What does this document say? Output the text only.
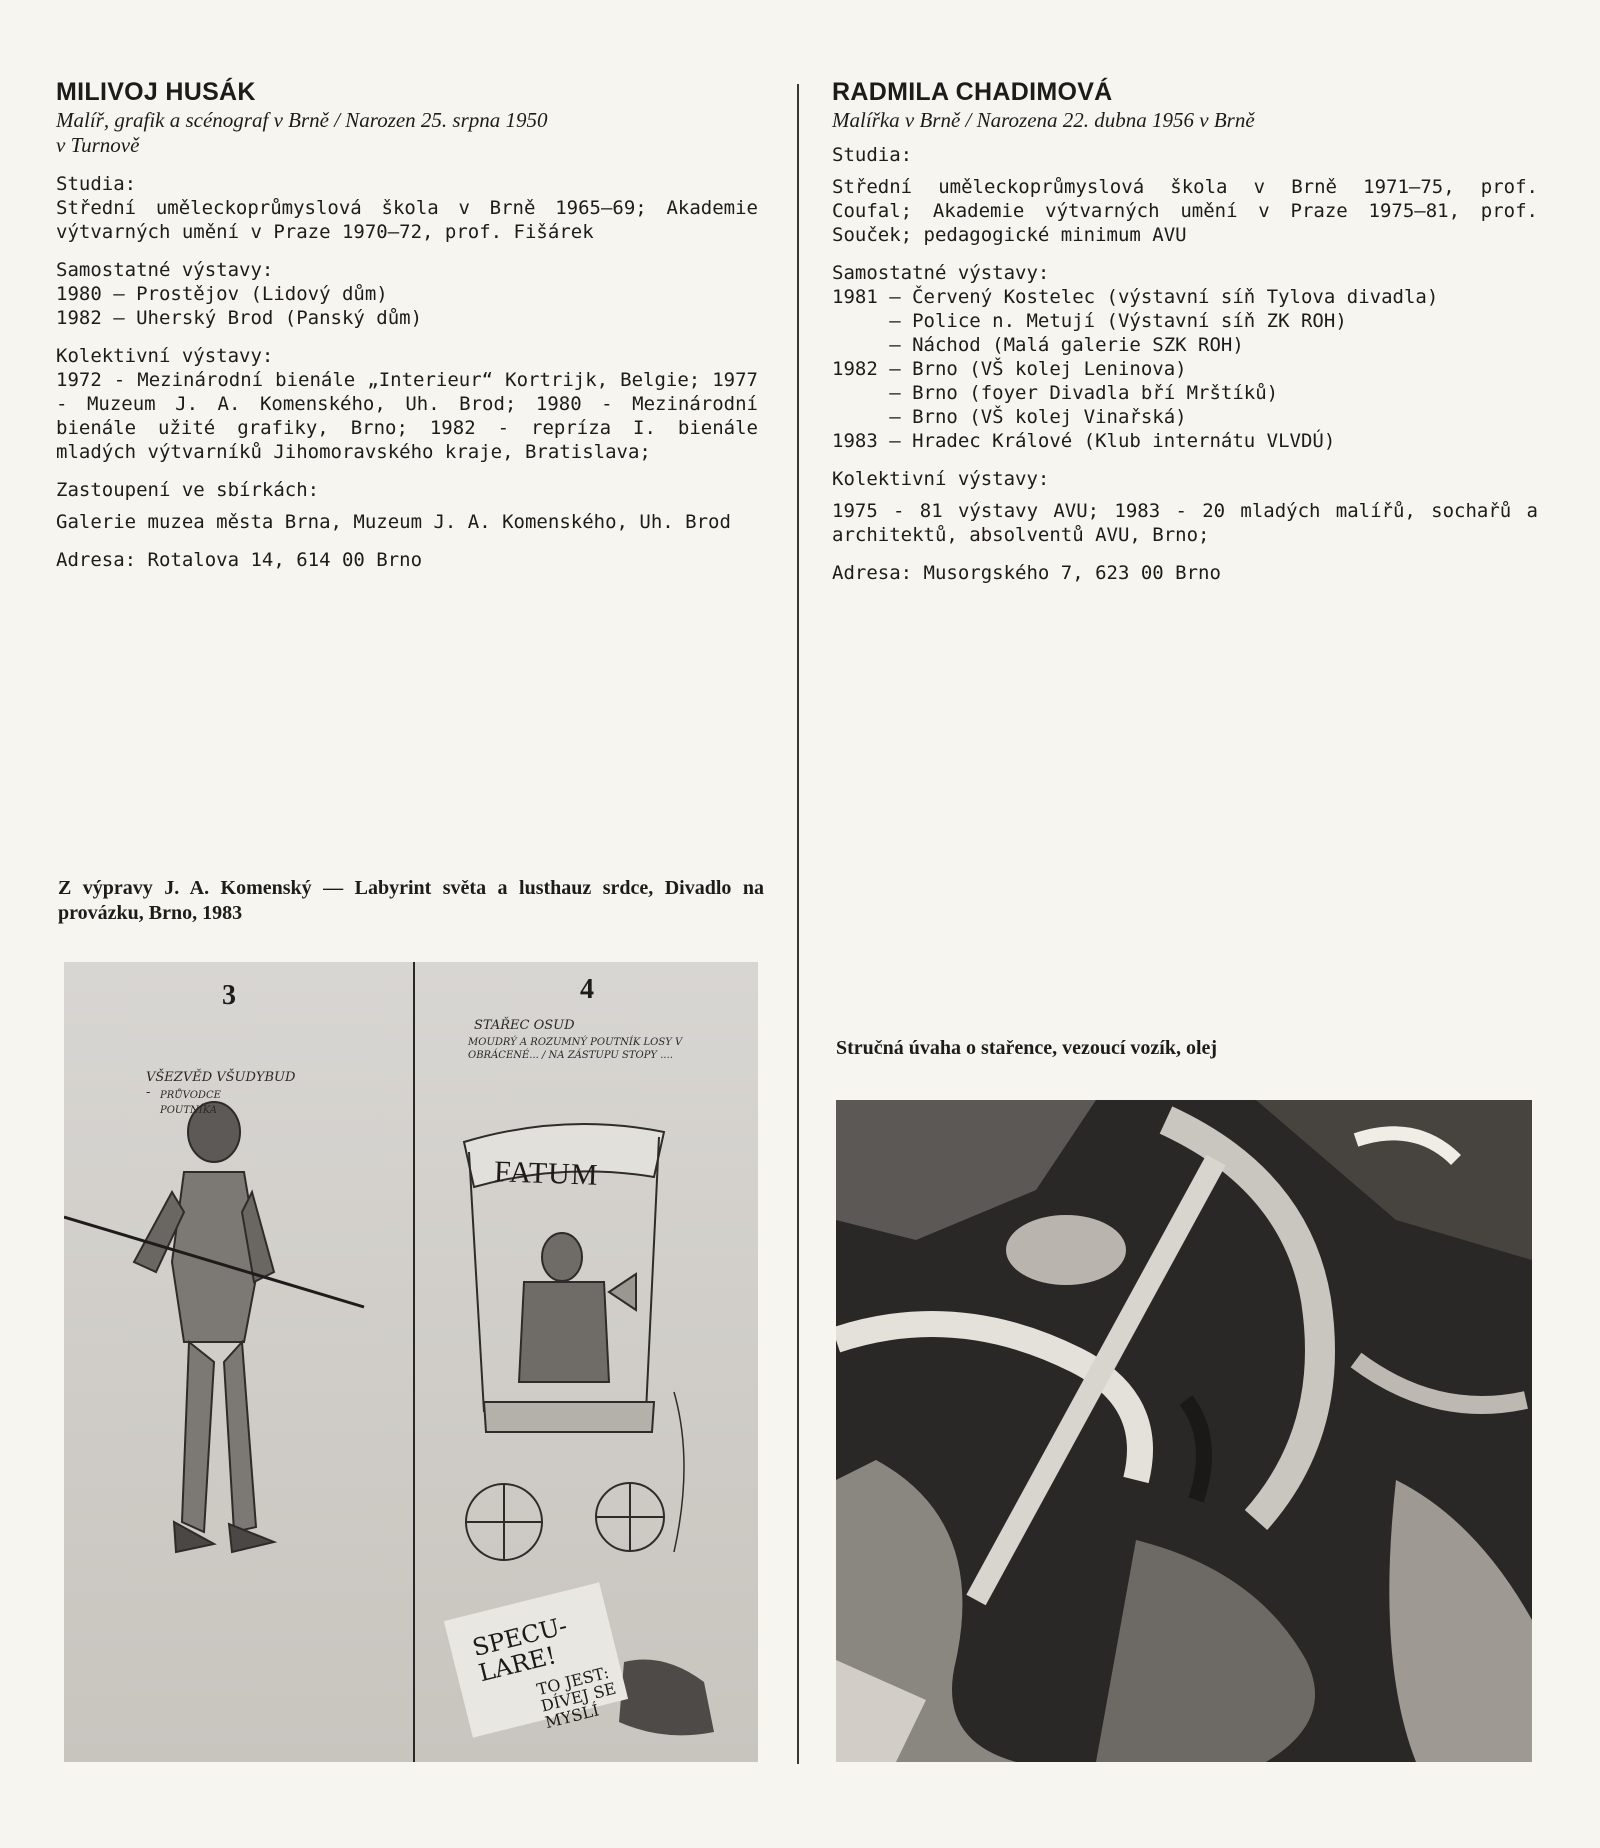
MILIVOJ HUSÁK
Malíř, grafik a scénograf v Brně / Narozen 25. srpna 1950
v Turnově
Studia:
Střední uměleckoprůmyslová škola v Brně 1965—69; Akademie výtvarných umění v Praze 1970—72, prof. Fišárek
Samostatné výstavy:
1980 — Prostějov (Lidový dům)
1982 — Uherský Brod (Panský dům)
Kolektivní výstavy:
1972 - Mezinárodní bienále „Interieur“ Kortrijk, Belgie; 1977 - Muzeum J. A. Komenského, Uh. Brod; 1980 - Mezinárodní bienále užité grafiky, Brno; 1982 - repríza I. bienále mladých výtvarníků Jihomoravského kraje, Bratislava;
Zastoupení ve sbírkách:
Galerie muzea města Brna, Muzeum J. A. Komenského, Uh. Brod
Adresa: Rotalova 14, 614 00 Brno
RADMILA CHADIMOVÁ
Malířka v Brně / Narozena 22. dubna 1956 v Brně
Studia:
Střední uměleckoprůmyslová škola v Brně 1971—75, prof. Coufal; Akademie výtvarných umění v Praze 1975—81, prof. Souček; pedagogické minimum AVU
Samostatné výstavy:
1981 — Červený Kostelec (výstavní síň Tylova divadla)
— Police n. Metují (Výstavní síň ZK ROH)
— Náchod (Malá galerie SZK ROH)
1982 — Brno (VŠ kolej Leninova)
— Brno (foyer Divadla bří Mrštíků)
— Brno (VŠ kolej Vinařská)
1983 — Hradec Králové (Klub internátu VLVDÚ)
Kolektivní výstavy:
1975 - 81 výstavy AVU; 1983 - 20 mladých malířů, sochařů a architektů, absolventů AVU, Brno;
Adresa: Musorgského 7, 623 00 Brno
Z výpravy J. A. Komenský — Labyrint světa a lusthauz srdce, Divadlo na provázku, Brno, 1983
Stručná úvaha o stařence, vezoucí vozík, olej
3	4
VŠEZVĚD VŠUDYBUD - PRŮVODCE POUTNÍKA
STAŘEC OSUD
MOUDRÝ A ROZUMNÝ POUTNÍK LOSY V OBRÁCENÉ... / NA ZÁSTUPU STOPY ....
FATUM
SPECU- LARE!
TO JEST: DÍVEJ SE MYSLÍ
